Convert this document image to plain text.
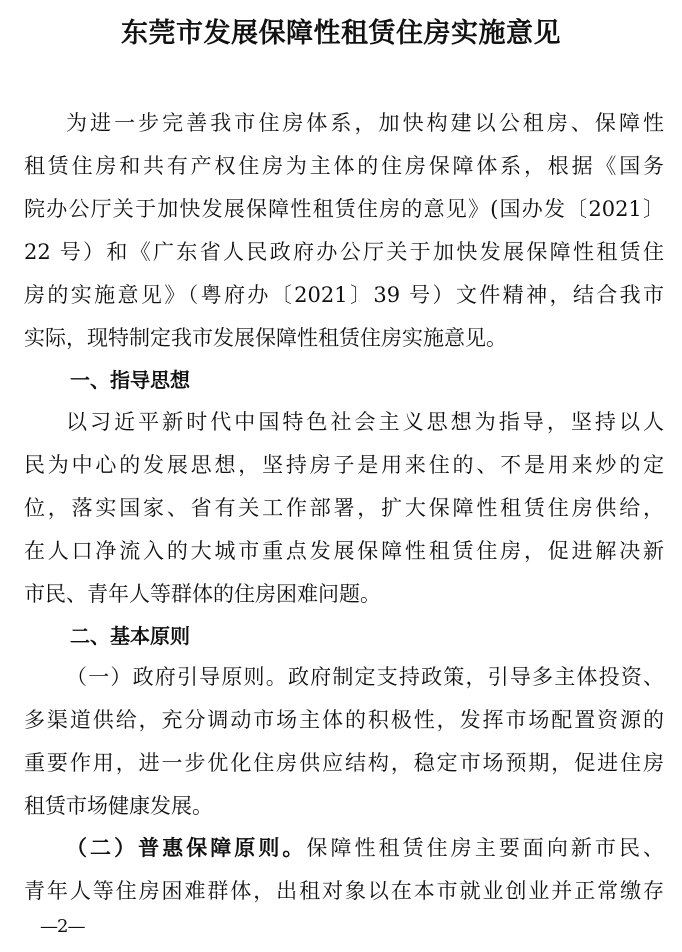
东莞市发展保障性租赁住房实施意见
为进一步完善我市住房体系，加快构建以公租房、保障性
租赁住房和共有产权住房为主体的住房保障体系，根据《国务
院办公厅关于加快发展保障性租赁住房的意见》(国办发〔2021〕
22 号）和《广东省人民政府办公厅关于加快发展保障性租赁住
房的实施意见》（粤府办〔2021〕39 号）文件精神，结合我市
实际，现特制定我市发展保障性租赁住房实施意见。
一、指导思想
以习近平新时代中国特色社会主义思想为指导，坚持以人
民为中心的发展思想，坚持房子是用来住的、不是用来炒的定
位，落实国家、省有关工作部署，扩大保障性租赁住房供给，
在人口净流入的大城市重点发展保障性租赁住房，促进解决新
市民、青年人等群体的住房困难问题。
二、基本原则
（一）政府引导原则。政府制定支持政策，引导多主体投资、
多渠道供给，充分调动市场主体的积极性，发挥市场配置资源的
重要作用，进一步优化住房供应结构，稳定市场预期，促进住房
租赁市场健康发展。
（二）普惠保障原则。保障性租赁住房主要面向新市民、
青年人等住房困难群体，出租对象以在本市就业创业并正常缴存
—2—
